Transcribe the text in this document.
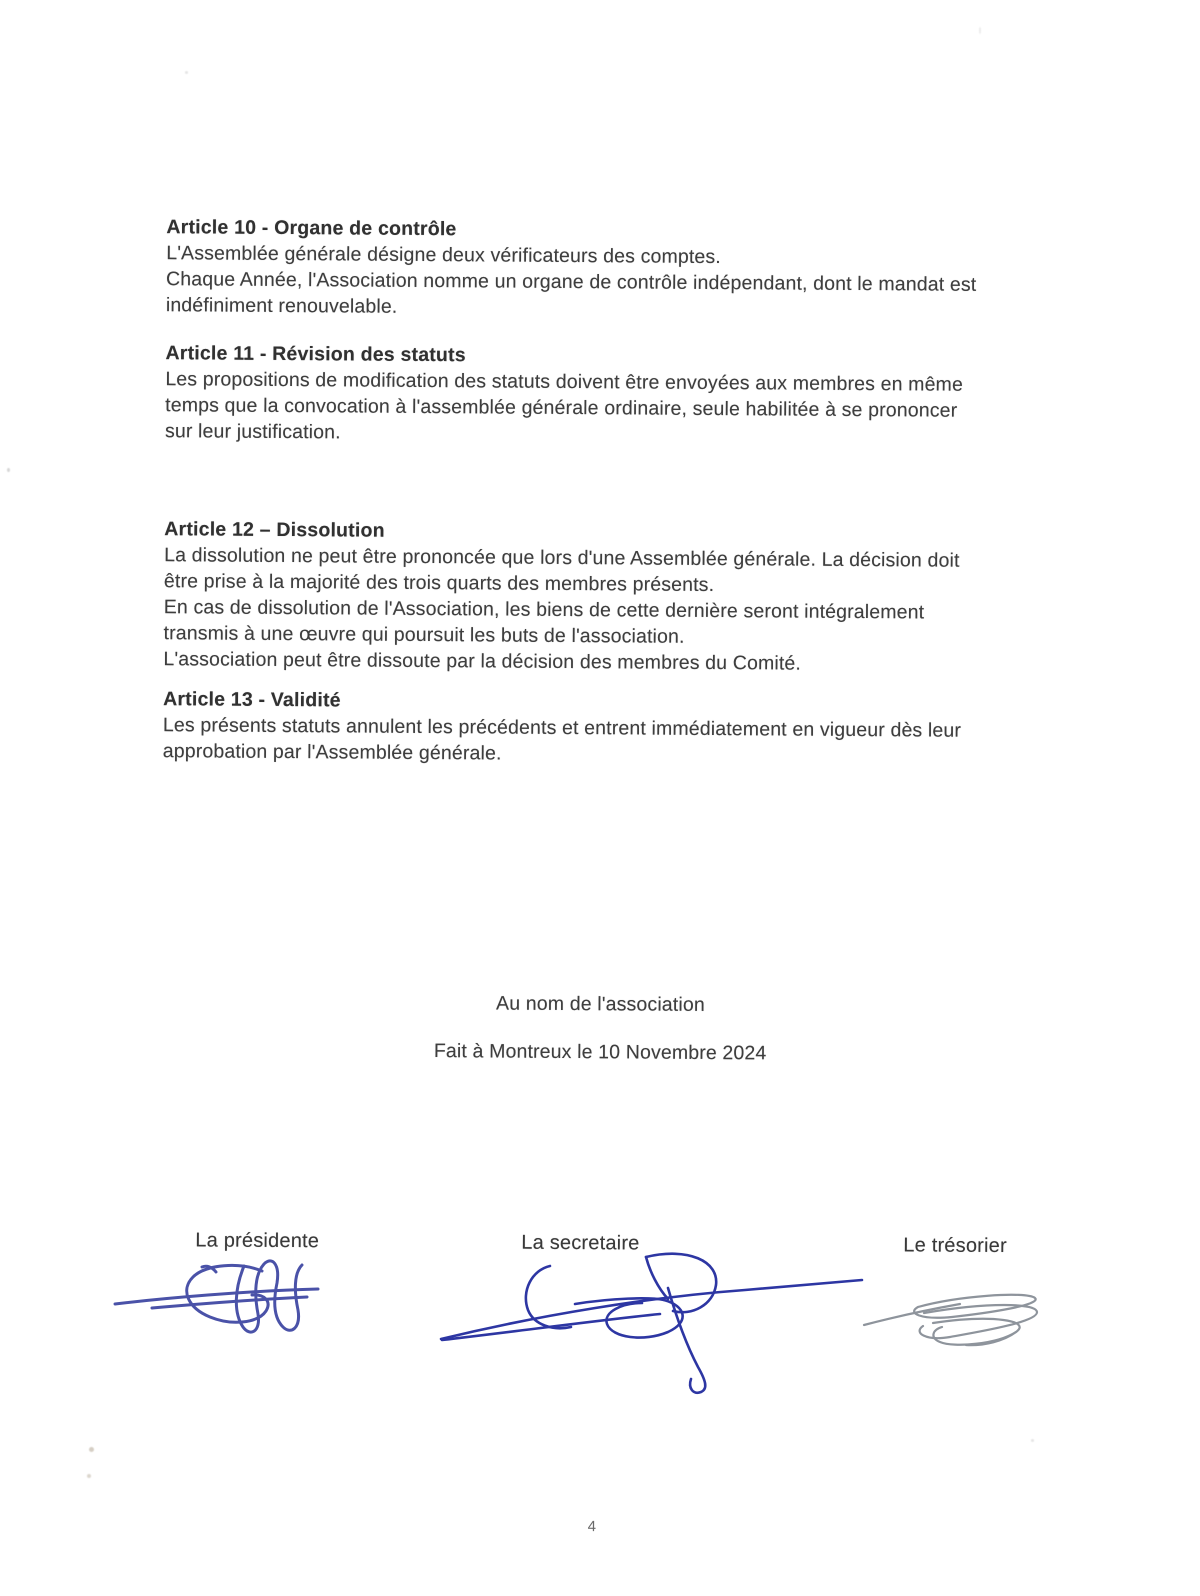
Article 10 - Organe de contrôle
L'Assemblée générale désigne deux vérificateurs des comptes.
Chaque Année, l'Association nomme un organe de contrôle indépendant, dont le mandat est
indéfiniment renouvelable.
Article 11 - Révision des statuts
Les propositions de modification des statuts doivent être envoyées aux membres en même
temps que la convocation à l'assemblée générale ordinaire, seule habilitée à se prononcer
sur leur justification.
Article 12 – Dissolution
La dissolution ne peut être prononcée que lors d'une Assemblée générale. La décision doit
être prise à la majorité des trois quarts des membres présents.
En cas de dissolution de l'Association, les biens de cette dernière seront intégralement
transmis à une œuvre qui poursuit les buts de l'association.
L'association peut être dissoute par la décision des membres du Comité.
Article 13 - Validité
Les présents statuts annulent les précédents et entrent immédiatement en vigueur dès leur
approbation par l'Assemblée générale.
Au nom de l'association
Fait à Montreux le 10 Novembre 2024
La présidente	La secretaire	Le trésorier
4
